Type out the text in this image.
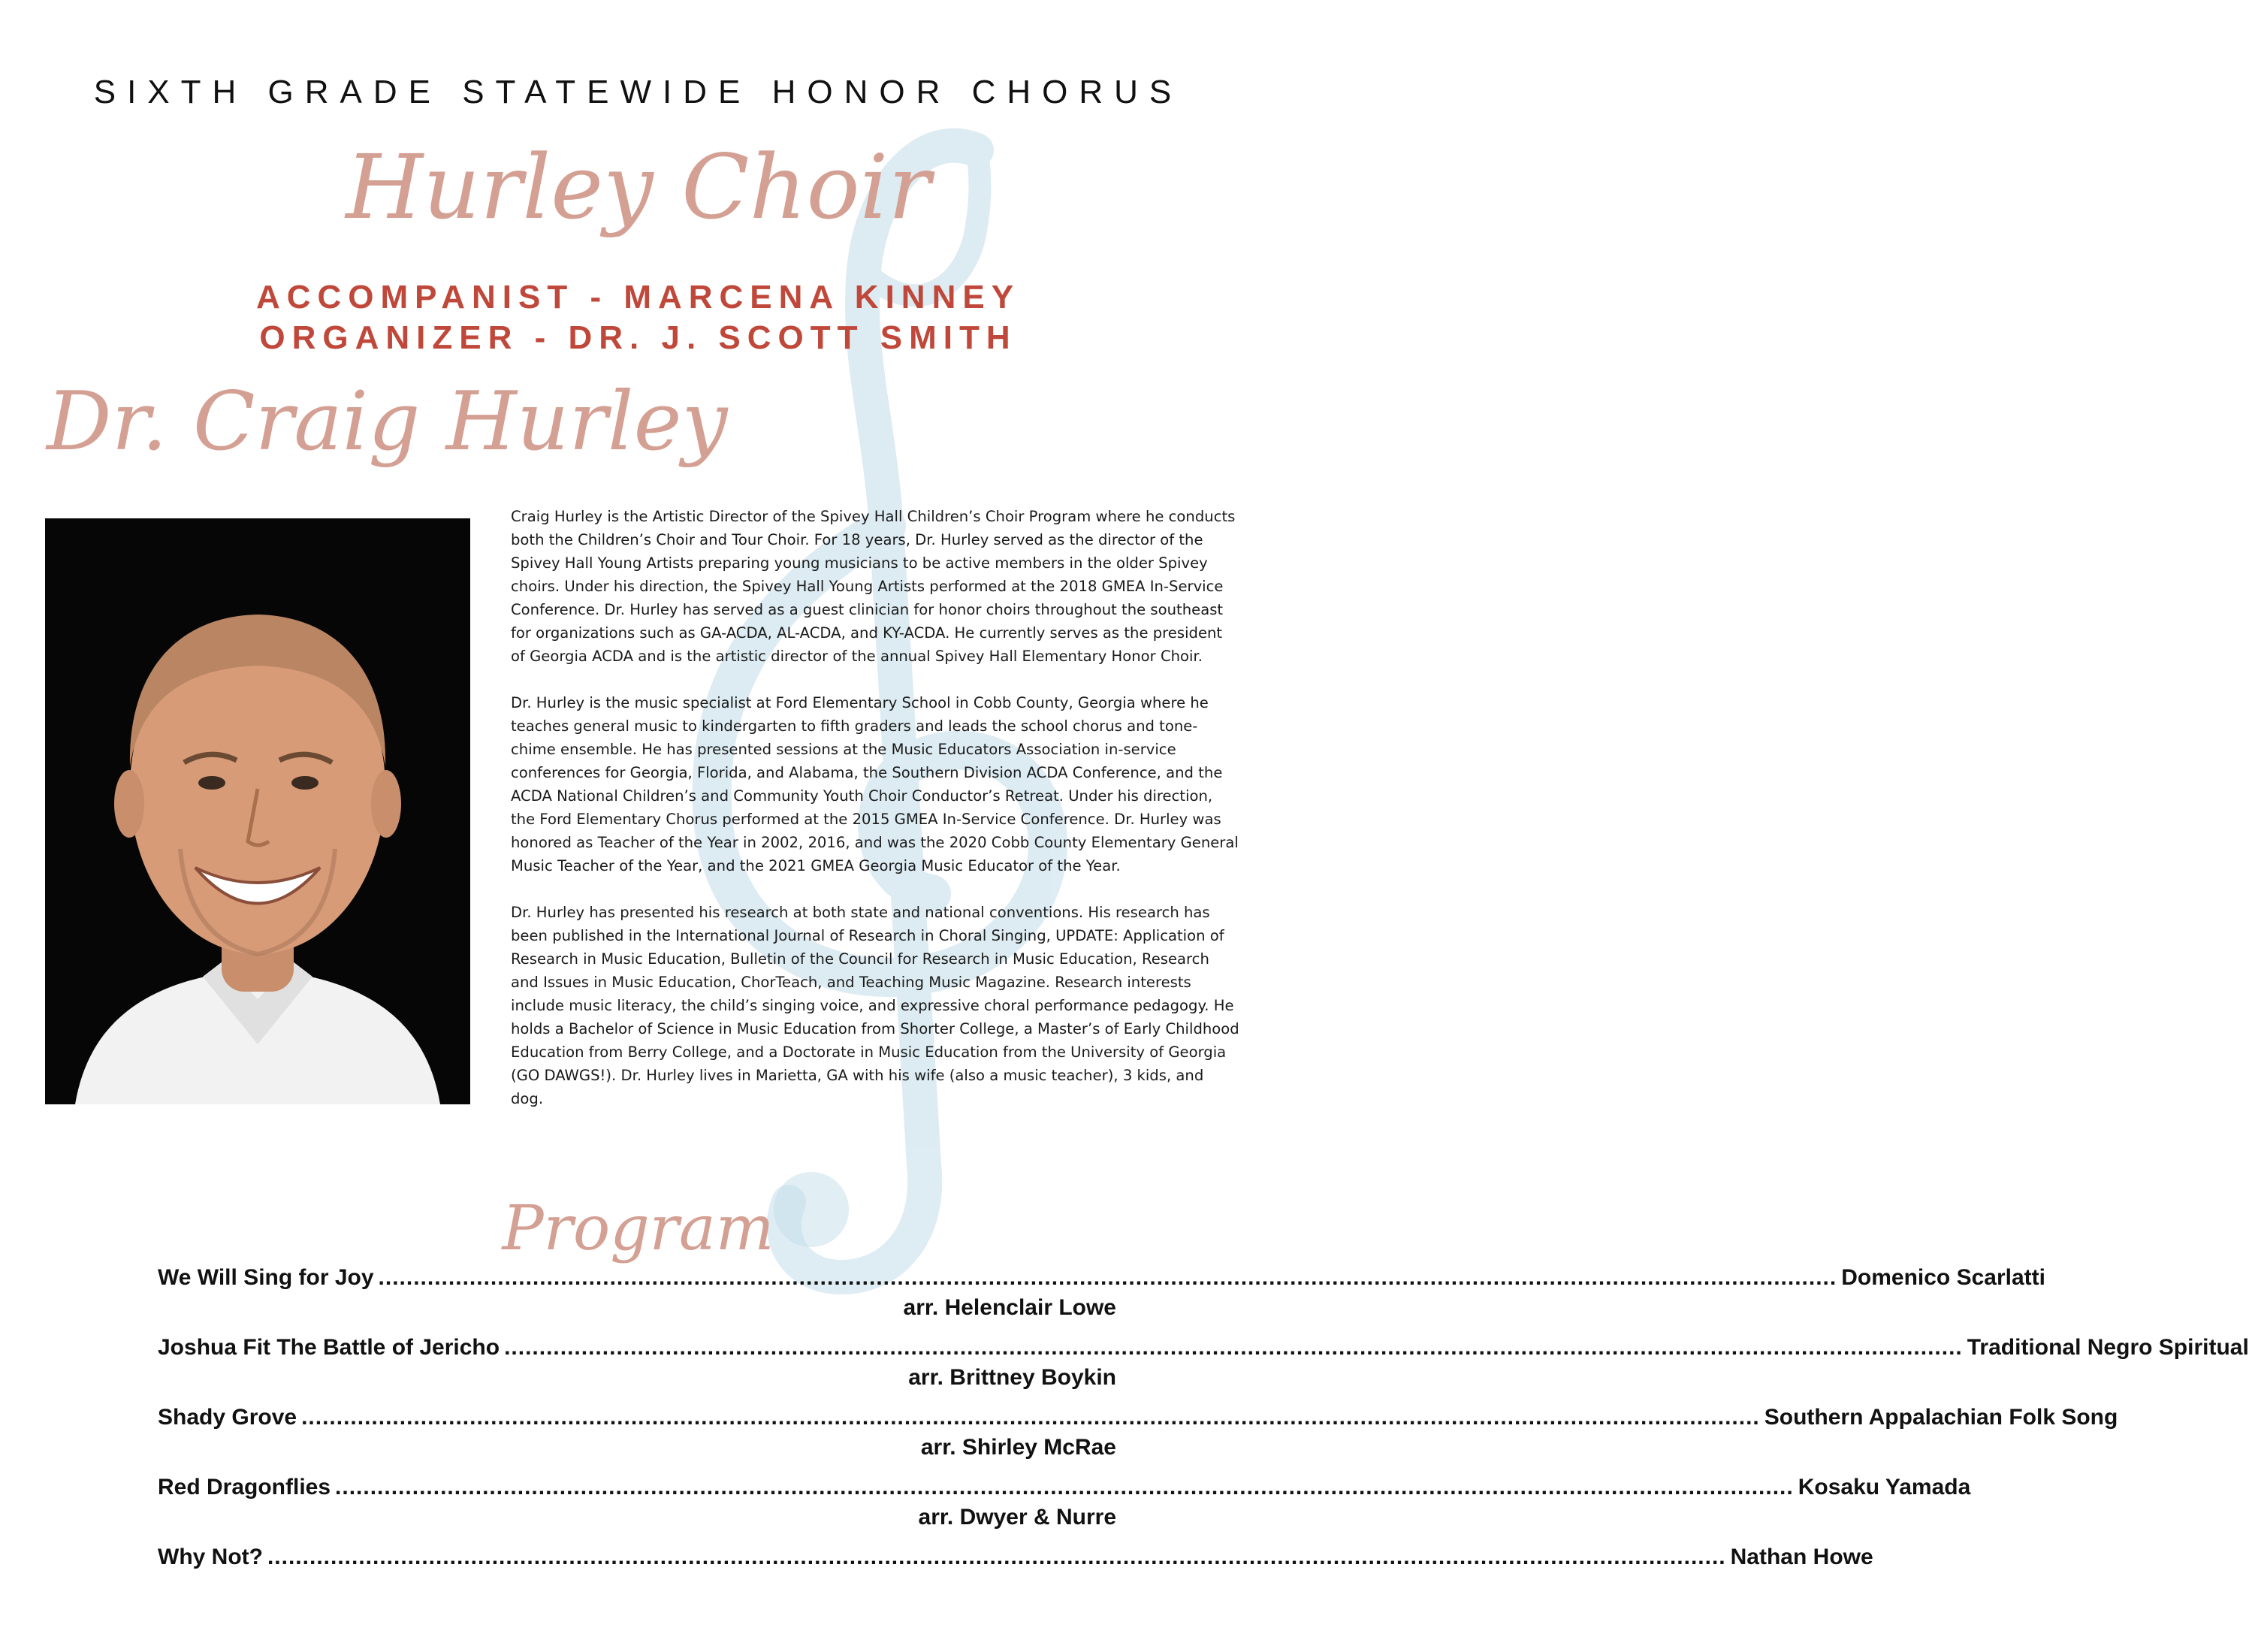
SIXTH GRADE STATEWIDE HONOR CHORUS
Hurley Choir
ACCOMPANIST - MARCENA KINNEY
ORGANIZER - DR. J. SCOTT SMITH
Dr. Craig Hurley

Craig Hurley is the Artistic Director of the Spivey Hall Children’s Choir Program where he conducts both the Children’s Choir and Tour Choir. For 18 years, Dr. Hurley served as the director of the Spivey Hall Young Artists preparing young musicians to be active members in the older Spivey choirs. Under his direction, the Spivey Hall Young Artists performed at the 2018 GMEA In-Service Conference. Dr. Hurley has served as a guest clinician for honor choirs throughout the southeast for organizations such as GA-ACDA, AL-ACDA, and KY-ACDA. He currently serves as the president of Georgia ACDA and is the artistic director of the annual Spivey Hall Elementary Honor Choir.

Dr. Hurley is the music specialist at Ford Elementary School in Cobb County, Georgia where he teaches general music to kindergarten to fifth graders and leads the school chorus and tone-chime ensemble. He has presented sessions at the Music Educators Association in-service conferences for Georgia, Florida, and Alabama, the Southern Division ACDA Conference, and the ACDA National Children’s and Community Youth Choir Conductor’s Retreat. Under his direction, the Ford Elementary Chorus performed at the 2015 GMEA In-Service Conference. Dr. Hurley was honored as Teacher of the Year in 2002, 2016, and was the 2020 Cobb County Elementary General Music Teacher of the Year, and the 2021 GMEA Georgia Music Educator of the Year.

Dr. Hurley has presented his research at both state and national conventions. His research has been published in the International Journal of Research in Choral Singing, UPDATE: Application of Research in Music Education, Bulletin of the Council for Research in Music Education, Research and Issues in Music Education, ChorTeach, and Teaching Music Magazine. Research interests include music literacy, the child’s singing voice, and expressive choral performance pedagogy. He holds a Bachelor of Science in Music Education from Shorter College, a Master’s of Early Childhood Education from Berry College, and a Doctorate in Music Education from the University of Georgia (GO DAWGS!). Dr. Hurley lives in Marietta, GA with his wife (also a music teacher), 3 kids, and dog.

Program
We Will Sing for Joy ................................................................................................................................................................................................................ Domenico Scarlatti
arr. Helenclair Lowe
Joshua Fit The Battle of Jericho ................................................................................................................................................................................................................ Traditional Negro Spiritual
arr. Brittney Boykin
Shady Grove ................................................................................................................................................................................................................ Southern Appalachian Folk Song
arr. Shirley McRae
Red Dragonflies ................................................................................................................................................................................................................ Kosaku Yamada
arr. Dwyer & Nurre
Why Not? ................................................................................................................................................................................................................ Nathan Howe
